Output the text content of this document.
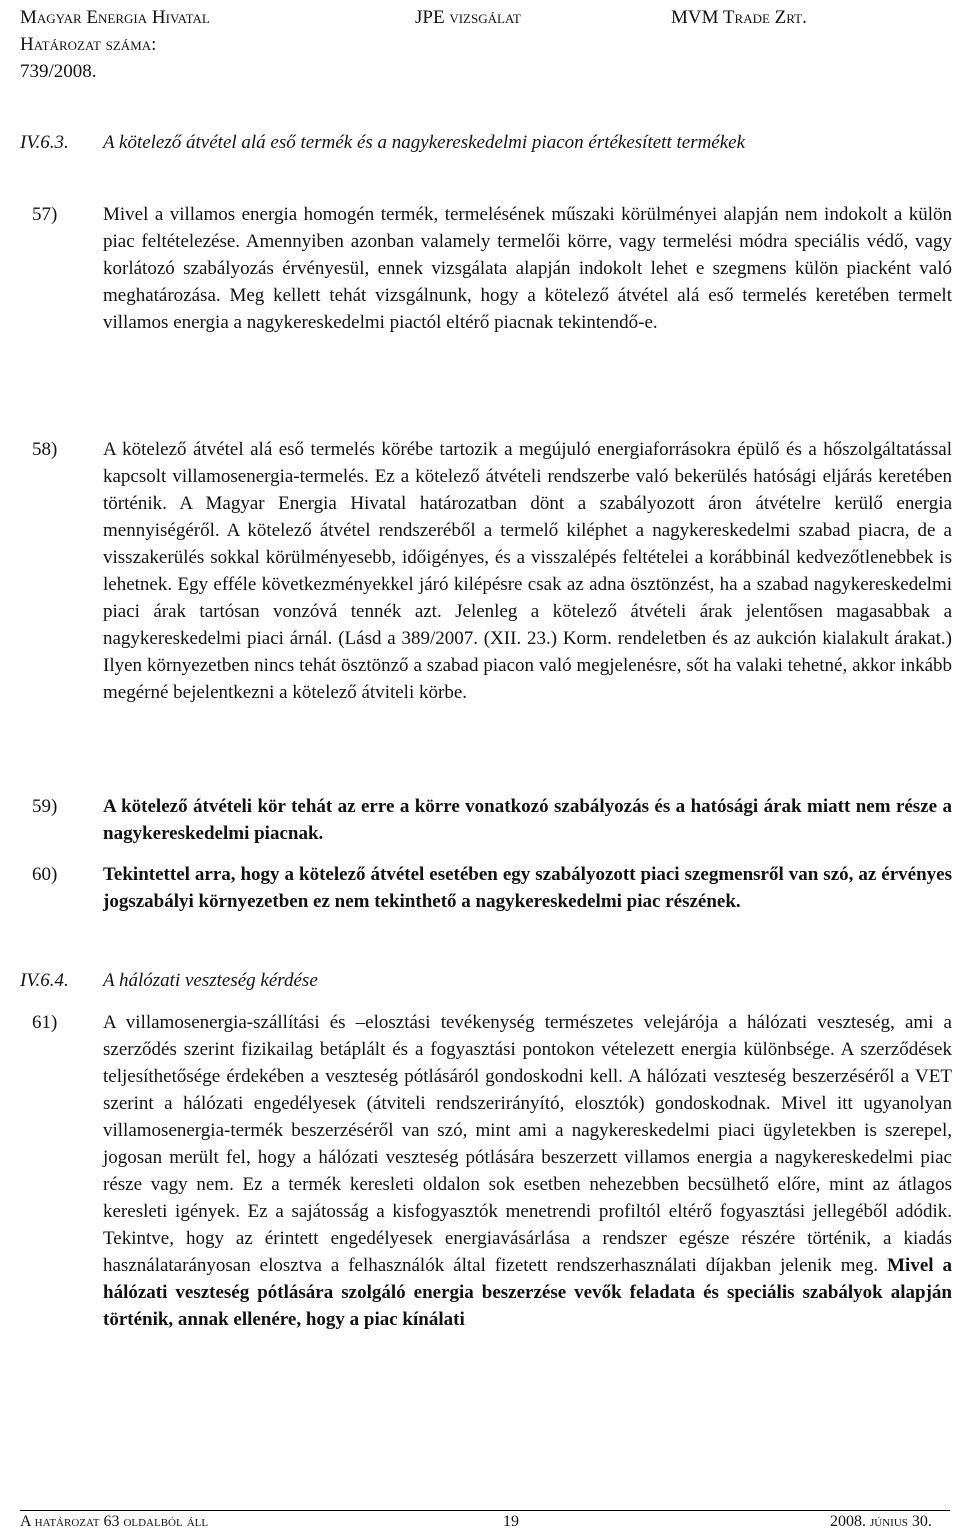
Magyar Energia Hivatal
Határozat száma:
739/2008.
JPE vizsgálat	MVM Trade Zrt.
IV.6.3. A kötelező átvétel alá eső termék és a nagykereskedelmi piacon értékesített termékek
57) Mivel a villamos energia homogén termék, termelésének műszaki körülményei alapján nem indokolt a külön piac feltételezése. Amennyiben azonban valamely termelői körre, vagy termelési módra speciális védő, vagy korlátozó szabályozás érvényesül, ennek vizsgálata alapján indokolt lehet e szegmens külön piacként való meghatározása. Meg kellett tehát vizsgálnunk, hogy a kötelező átvétel alá eső termelés keretében termelt villamos energia a nagykereskedelmi piactól eltérő piacnak tekintendő-e.
58) A kötelező átvétel alá eső termelés körébe tartozik a megújuló energiaforrásokra épülő és a hőszolgáltatással kapcsolt villamosenergia-termelés. Ez a kötelező átvételi rendszerbe való bekerülés hatósági eljárás keretében történik. A Magyar Energia Hivatal határozatban dönt a szabályozott áron átvételre kerülő energia mennyiségéről. A kötelező átvétel rendszeréből a termelő kiléphet a nagykereskedelmi szabad piacra, de a visszakerülés sokkal körülményesebb, időigényes, és a visszalépés feltételei a korábbinál kedvezőtlenebbek is lehetnek. Egy efféle következményekkel járó kilépésre csak az adna ösztönzést, ha a szabad nagykereskedelmi piaci árak tartósan vonzóvá tennék azt. Jelenleg a kötelező átvételi árak jelentősen magasabbak a nagykereskedelmi piaci árnál. (Lásd a 389/2007. (XII. 23.) Korm. rendeletben és az aukción kialakult árakat.) Ilyen környezetben nincs tehát ösztönző a szabad piacon való megjelenésre, sőt ha valaki tehetné, akkor inkább megérné bejelentkezni a kötelező átviteli körbe.
59) A kötelező átvételi kör tehát az erre a körre vonatkozó szabályozás és a hatósági árak miatt nem része a nagykereskedelmi piacnak.
60) Tekintettel arra, hogy a kötelező átvétel esetében egy szabályozott piaci szegmensről van szó, az érvényes jogszabályi környezetben ez nem tekinthető a nagykereskedelmi piac részének.
IV.6.4. A hálózati veszteség kérdése
61) A villamosenergia-szállítási és –elosztási tevékenység természetes velejárója a hálózati veszteség, ami a szerződés szerint fizikailag betáplált és a fogyasztási pontokon vételezett energia különbsége. A szerződések teljesíthetősége érdekében a veszteség pótlásáról gondoskodni kell. A hálózati veszteség beszerzéséről a VET szerint a hálózati engedélyesek (átviteli rendszerirányító, elosztók) gondoskodnak. Mivel itt ugyanolyan villamosenergia-termék beszerzéséről van szó, mint ami a nagykereskedelmi piaci ügyletekben is szerepel, jogosan merült fel, hogy a hálózati veszteség pótlására beszerzett villamos energia a nagykereskedelmi piac része vagy nem. Ez a termék keresleti oldalon sok esetben nehezebben becsülhető előre, mint az átlagos keresleti igények. Ez a sajátosság a kisfogyasztók menetrendi profiltól eltérő fogyasztási jellegéből adódik. Tekintve, hogy az érintett engedélyesek energiavásárlása a rendszer egésze részére történik, a kiadás használatarányosan elosztva a felhasználók által fizetett rendszerhasználati díjakban jelenik meg. Mivel a hálózati veszteség pótlására szolgáló energia beszerzése vevők feladata és speciális szabályok alapján történik, annak ellenére, hogy a piac kínálati
A határozat 63 oldalból áll	19	2008. június 30.
